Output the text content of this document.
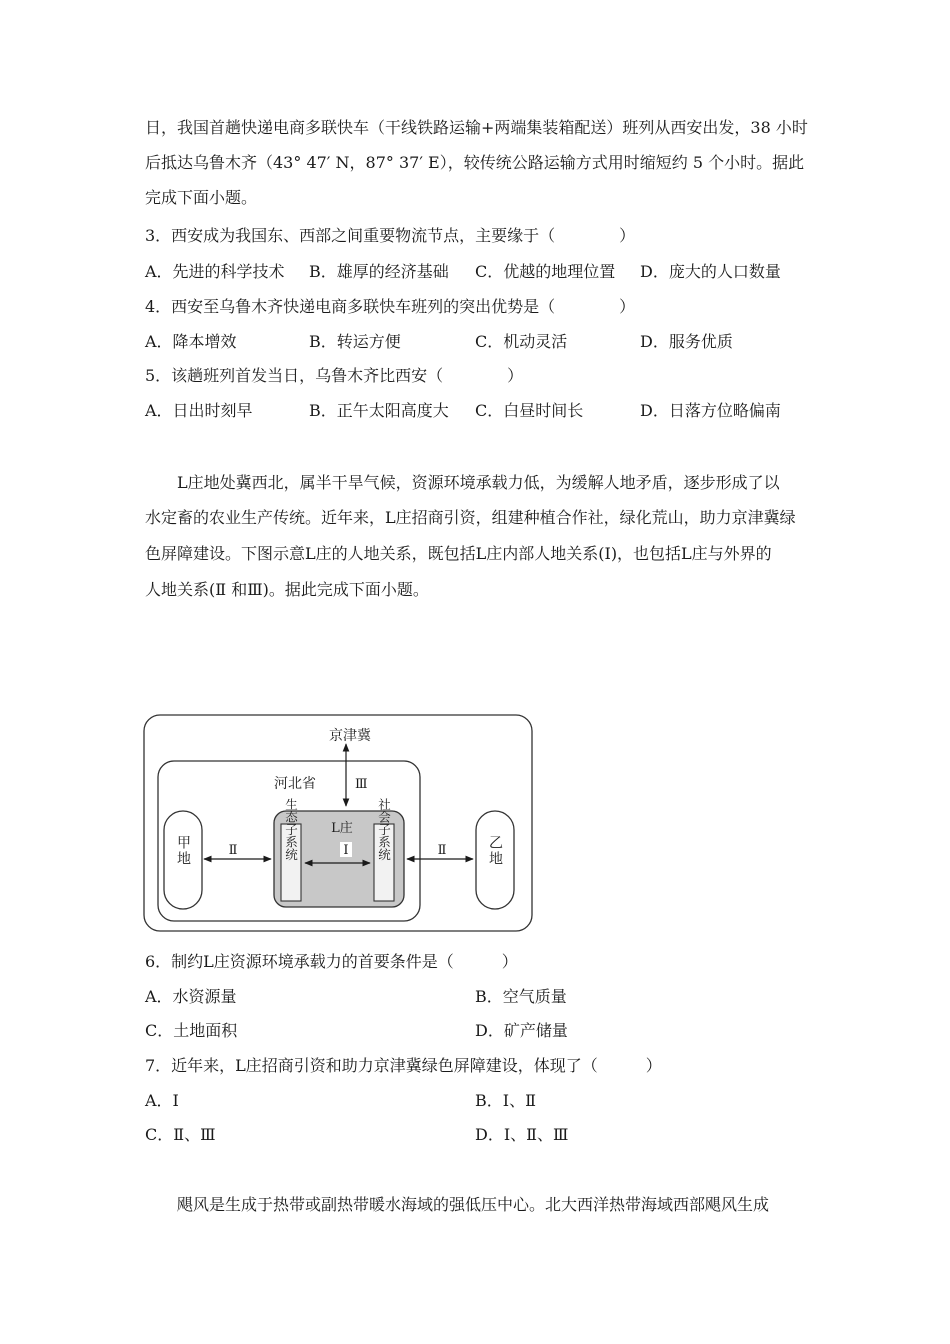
日，我国首趟快递电商多联快车（干线铁路运输+两端集装箱配送）班列从西安出发，38 小时
后抵达乌鲁木齐（43° 47′ N，87° 37′ E），较传统公路运输方式用时缩短约 5 个小时。据此
完成下面小题。
3．西安成为我国东、西部之间重要物流节点，主要缘于（　　　　）
A．先进的科学技术 B．雄厚的经济基础 C．优越的地理位置 D．庞大的人口数量
4．西安至乌鲁木齐快递电商多联快车班列的突出优势是（　　　　）
A．降本增效	B．转运方便	C．机动灵活	D．服务优质
5．该趟班列首发当日，乌鲁木齐比西安（　　　　）
A．日出时刻早	B．正午太阳高度大 C．白昼时间长	D．日落方位略偏南
　　L庄地处冀西北，属半干旱气候，资源环境承载力低，为缓解人地矛盾，逐步形成了以
水定畜的农业生产传统。近年来，L庄招商引资，组建种植合作社，绿化荒山，助力京津冀绿
色屏障建设。下图示意L庄的人地关系，既包括L庄内部人地关系(Ⅰ)，也包括L庄与外界的
人地关系(Ⅱ 和Ⅲ)。据此完成下面小题。
京津冀
河北省	Ⅲ
甲地	乙地
L庄
生态子系统	社会子系统
Ⅰ
Ⅱ	Ⅱ
6．制约L庄资源环境承载力的首要条件是（　　　）
A．水资源量	B．空气质量
C．土地面积	D．矿产储量
7．近年来，L庄招商引资和助力京津冀绿色屏障建设，体现了（　　　）
A．Ⅰ	B．Ⅰ、Ⅱ
C．Ⅱ、Ⅲ	D．Ⅰ、Ⅱ、Ⅲ
　　飓风是生成于热带或副热带暖水海域的强低压中心。北大西洋热带海域西部飓风生成
